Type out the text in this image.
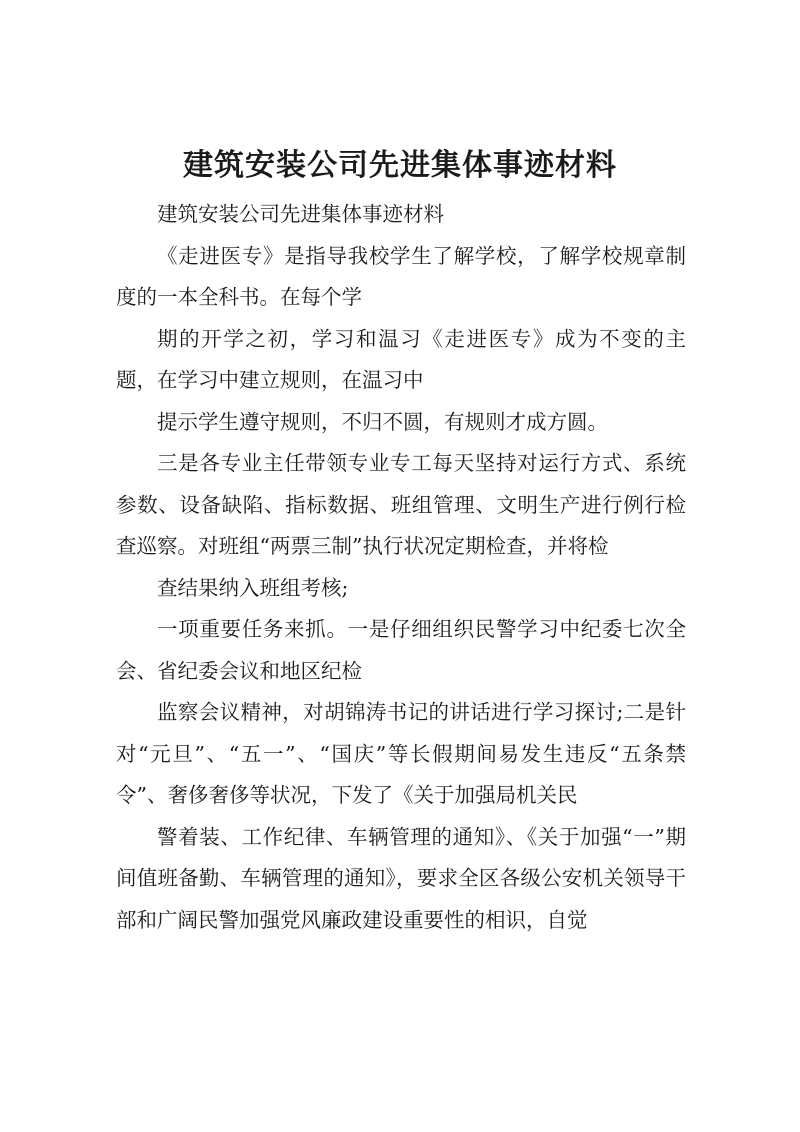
建筑安装公司先进集体事迹材料

建筑安装公司先进集体事迹材料

《走进医专》是指导我校学生了解学校，了解学校规章制度的一本全科书。在每个学

期的开学之初，学习和温习《走进医专》成为不变的主题，在学习中建立规则，在温习中

提示学生遵守规则，不归不圆，有规则才成方圆。

三是各专业主任带领专业专工每天坚持对运行方式、系统参数、设备缺陷、指标数据、班组管理、文明生产进行例行检查巡察。对班组“两票三制”执行状况定期检查，并将检

查结果纳入班组考核;

一项重要任务来抓。一是仔细组织民警学习中纪委七次全会、省纪委会议和地区纪检

监察会议精神，对胡锦涛书记的讲话进行学习探讨;二是针对“元旦”、“五一”、“国庆”等长假期间易发生违反“五条禁令”、奢侈奢侈等状况，下发了《关于加强局机关民

警着装、工作纪律、车辆管理的通知》、《关于加强“一”期间值班备勤、车辆管理的通知》，要求全区各级公安机关领导干部和广阔民警加强党风廉政建设重要性的相识，自觉
